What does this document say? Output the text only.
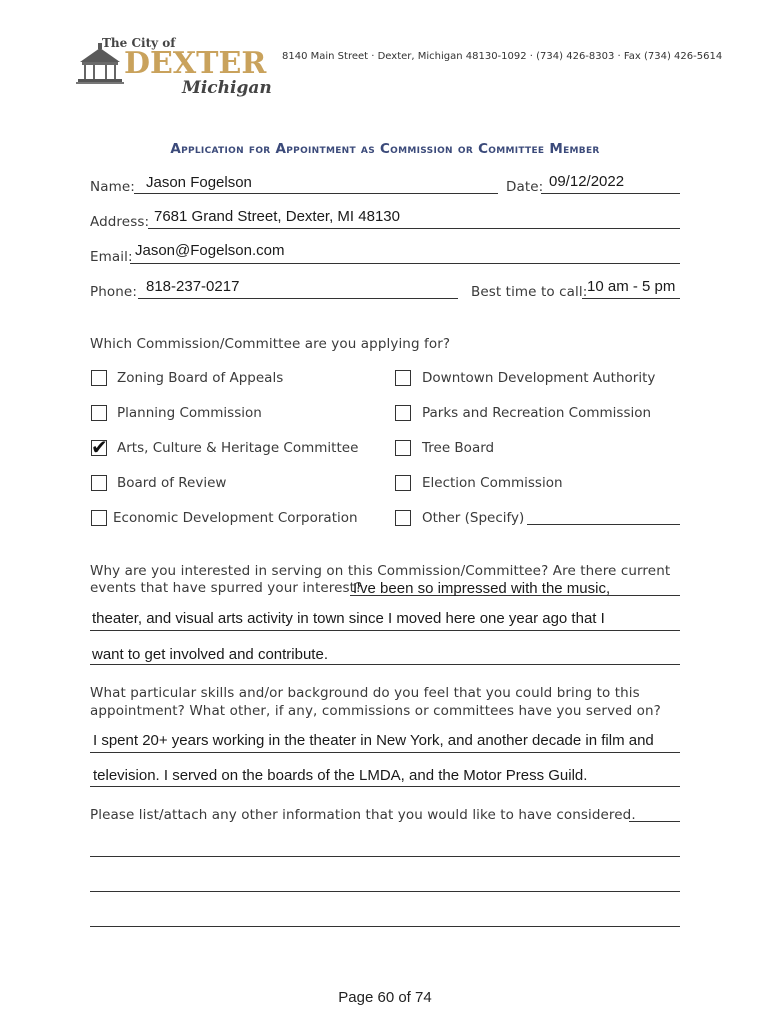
The City of
DEXTER
Michigan
8140 Main Street · Dexter, Michigan 48130-1092 · (734) 426-8303 · Fax (734) 426-5614
Application for Appointment as Commission or Committee Member
Name: Jason Fogelson	Date: 09/12/2022
Address: 7681 Grand Street, Dexter, MI 48130
Email: Jason@Fogelson.com
Phone: 818-237-0217	Best time to call: 10 am - 5 pm
Which Commission/Committee are you applying for?
Zoning Board of Appeals	Downtown Development Authority
Planning Commission	Parks and Recreation Commission
✔ Arts, Culture & Heritage Committee	Tree Board
Board of Review	Election Commission
Economic Development Corporation	Other (Specify)
Why are you interested in serving on this Commission/Committee? Are there current
events that have spurred your interest?
I've been so impressed with the music,
theater, and visual arts activity in town since I moved here one year ago that I
want to get involved and contribute.
What particular skills and/or background do you feel that you could bring to this
appointment? What other, if any, commissions or committees have you served on?
I spent 20+ years working in the theater in New York, and another decade in film and
television. I served on the boards of the LMDA, and the Motor Press Guild.
Please list/attach any other information that you would like to have considered.
Page 60 of 74
